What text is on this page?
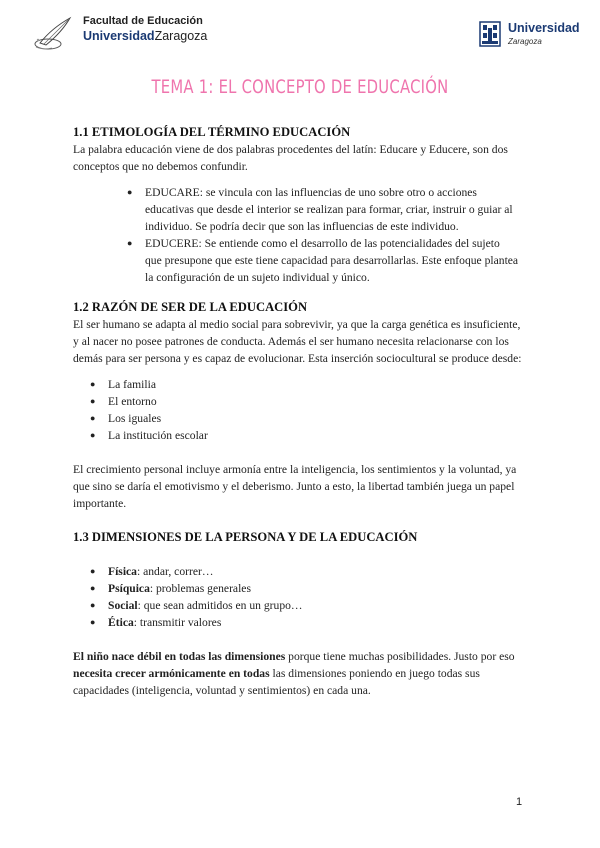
Facultad de Educación
UniversidadZaragoza
Universidad
Zaragoza
TEMA 1: EL CONCEPTO DE EDUCACIÓN
1.1 ETIMOLOGÍA DEL TÉRMINO EDUCACIÓN

La palabra educación viene de dos palabras procedentes del latín: Educare y Educere, son dos conceptos que no debemos confundir.

● EDUCARE: se vincula con las influencias de uno sobre otro o acciones educativas que desde el interior se realizan para formar, criar, instruir o guiar al individuo. Se podría decir que son las influencias de este individuo.
● EDUCERE: Se entiende como el desarrollo de las potencialidades del sujeto que presupone que este tiene capacidad para desarrollarlas. Este enfoque plantea la configuración de un sujeto individual y único.
1.2 RAZÓN DE SER DE LA EDUCACIÓN

El ser humano se adapta al medio social para sobrevivir, ya que la carga genética es insuficiente, y al nacer no posee patrones de conducta. Además el ser humano necesita relacionarse con los demás para ser persona y es capaz de evolucionar. Esta inserción sociocultural se produce desde:

● La familia
● El entorno
● Los iguales
● La institución escolar

El crecimiento personal incluye armonía entre la inteligencia, los sentimientos y la voluntad, ya que sino se daría el emotivismo y el deberismo. Junto a esto, la libertad también juega un papel importante.

1.3 DIMENSIONES DE LA PERSONA Y DE LA EDUCACIÓN
● Física: andar, correr…
● Psíquica: problemas generales
● Social: que sean admitidos en un grupo…
● Ética: transmitir valores

El niño nace débil en todas las dimensiones porque tiene muchas posibilidades. Justo por eso necesita crecer armónicamente en todas las dimensiones poniendo en juego todas sus capacidades (inteligencia, voluntad y sentimientos) en cada una.

1
